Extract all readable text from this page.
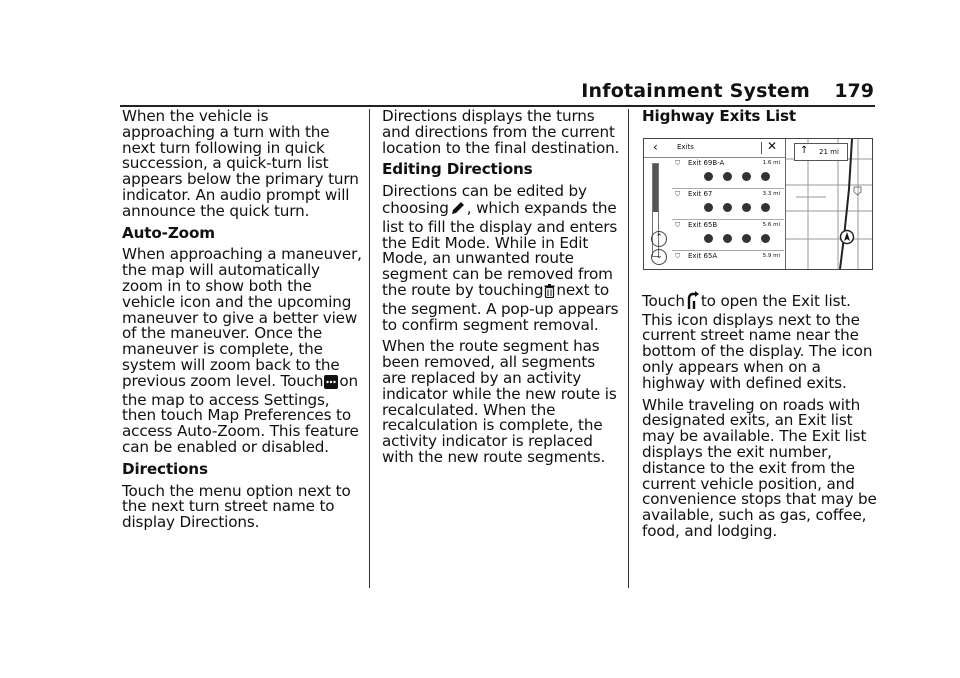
Infotainment System 179

When the vehicle is approaching a turn with the next turn following in quick succession, a quick-turn list appears below the primary turn indicator. An audio prompt will announce the quick turn.

Auto-Zoom

When approaching a maneuver, the map will automatically zoom in to show both the vehicle icon and the upcoming maneuver to give a better view of the maneuver. Once the maneuver is complete, the system will zoom back to the previous zoom level. Touch on the map to access Settings, then touch Map Preferences to access Auto-Zoom. This feature can be enabled or disabled.

Directions

Touch the menu option next to the next turn street name to display Directions.

Directions displays the turns and directions from the current location to the final destination.

Editing Directions

Directions can be edited by choosing , which expands the list to fill the display and enters the Edit Mode. While in Edit Mode, an unwanted route segment can be removed from the route by touching next to the segment. A pop-up appears to confirm segment removal.

When the route segment has been removed, all segments are replaced by an activity indicator while the new route is recalculated. When the recalculation is complete, the activity indicator is replaced with the new route segments.

Highway Exits List

Touch to open the Exit list. This icon displays next to the current street name near the bottom of the display. The icon only appears when on a highway with defined exits.

While traveling on roads with designated exits, an Exit list may be available. The Exit list displays the exit number, distance to the exit from the current vehicle position, and convenience stops that may be available, such as gas, coffee, food, and lodging.

↑ 21 mi
‹	Exits	✕
⌃
⌄
⛉ Exit 69B-A	1.6 mi
⛉ Exit 67	3.3 mi
⛉ Exit 65B	5.6 mi
⛉ Exit 65A	5.9 mi
